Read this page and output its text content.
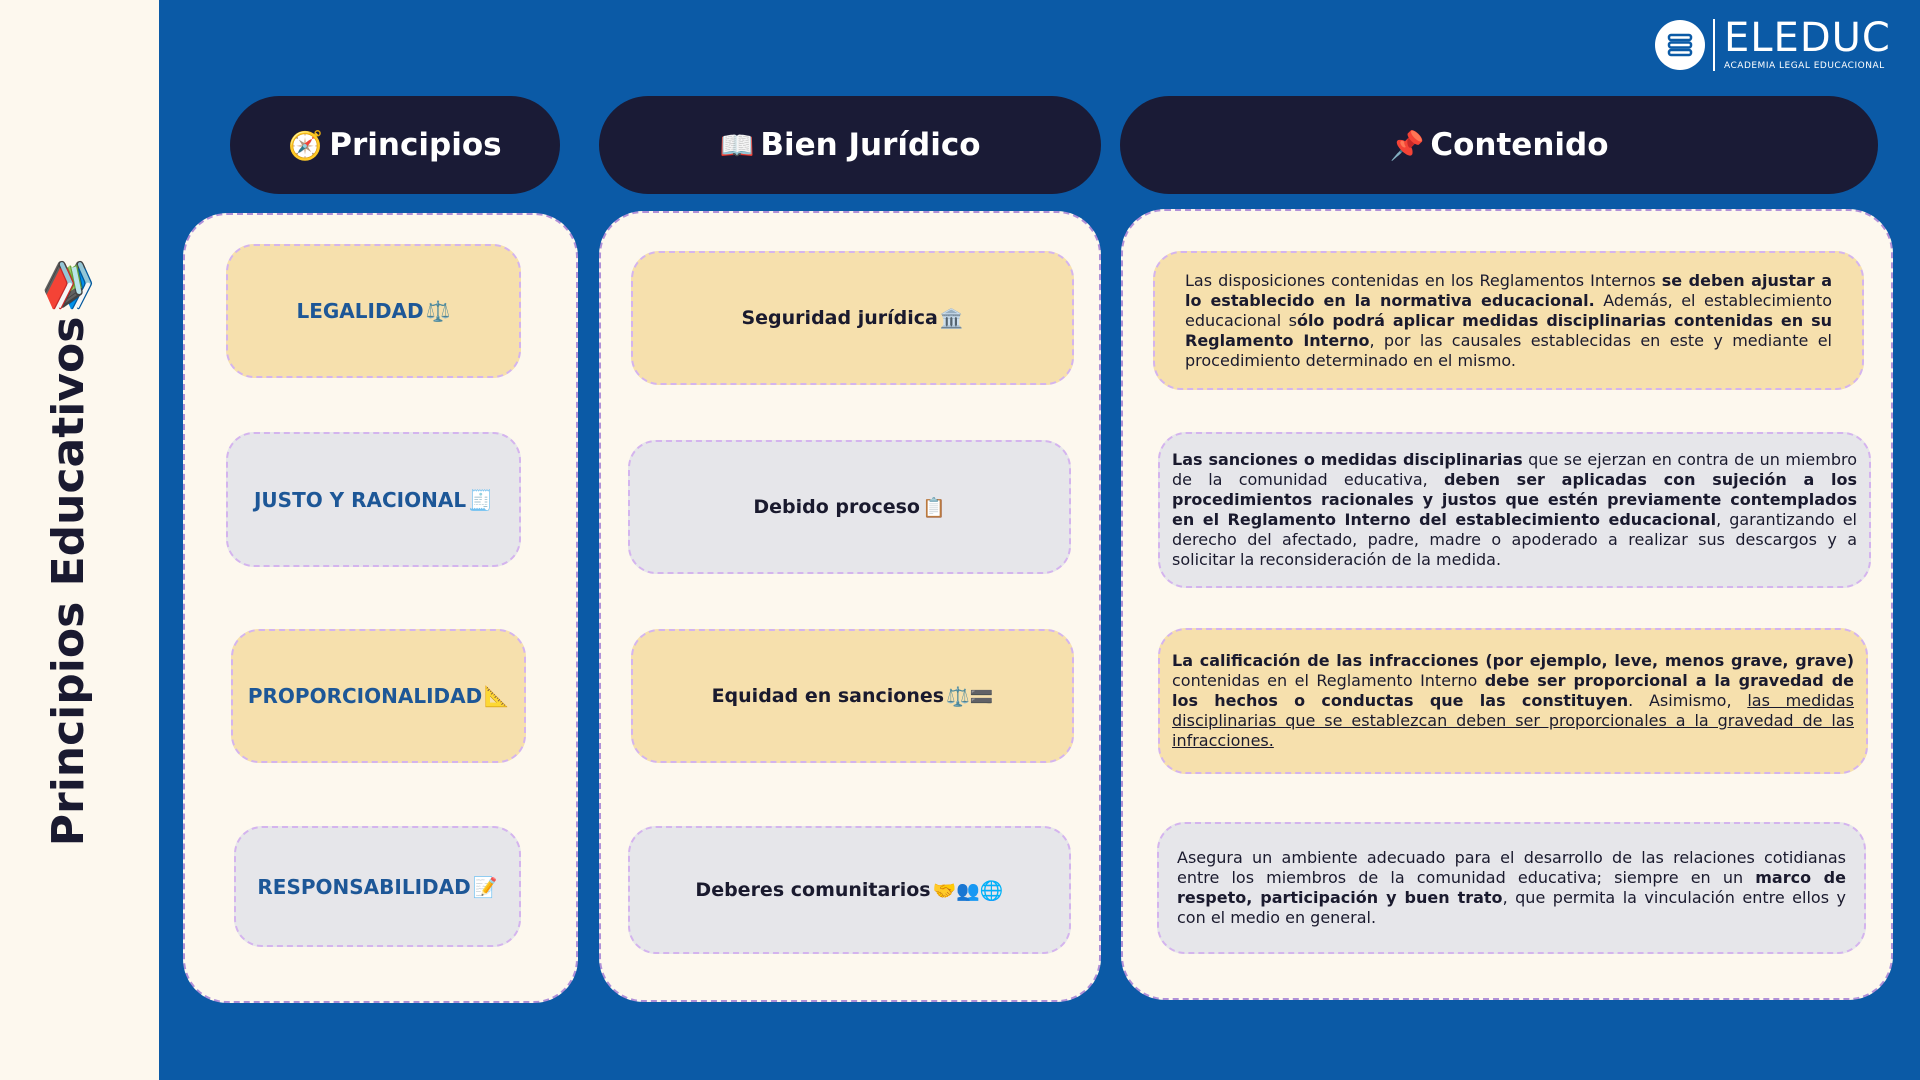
Principios Educativos
📚
ELEDUC
ACADEMIA LEGAL EDUCACIONAL
🧭 Principios	📖 Bien Jurídico	📌 Contenido
LEGALIDAD ⚖️
JUSTO Y RACIONAL 🧾
PROPORCIONALIDAD 📐
RESPONSABILIDAD 📝
Seguridad jurídica 🏛️
Debido proceso 📋
Equidad en sanciones ⚖️🟰
Deberes comunitarios 🤝👥🌐

Las disposiciones contenidas en los Reglamentos Internos se deben ajustar a lo establecido en la normativa educacional. Además, el establecimiento educacional sólo podrá aplicar medidas disciplinarias contenidas en su Reglamento Interno, por las causales establecidas en este y mediante el procedimiento determinado en el mismo.

Las sanciones o medidas disciplinarias que se ejerzan en contra de un miembro de la comunidad educativa, deben ser aplicadas con sujeción a los procedimientos racionales y justos que estén previamente contemplados en el Reglamento Interno del establecimiento educacional, garantizando el derecho del afectado, padre, madre o apoderado a realizar sus descargos y a solicitar la reconsideración de la medida.

La calificación de las infracciones (por ejemplo, leve, menos grave, grave) contenidas en el Reglamento Interno debe ser proporcional a la gravedad de los hechos o conductas que las constituyen. Asimismo, las medidas disciplinarias que se establezcan deben ser proporcionales a la gravedad de las infracciones.

Asegura un ambiente adecuado para el desarrollo de las relaciones cotidianas entre los miembros de la comunidad educativa; siempre en un marco de respeto, participación y buen trato, que permita la vinculación entre ellos y con el medio en general.
